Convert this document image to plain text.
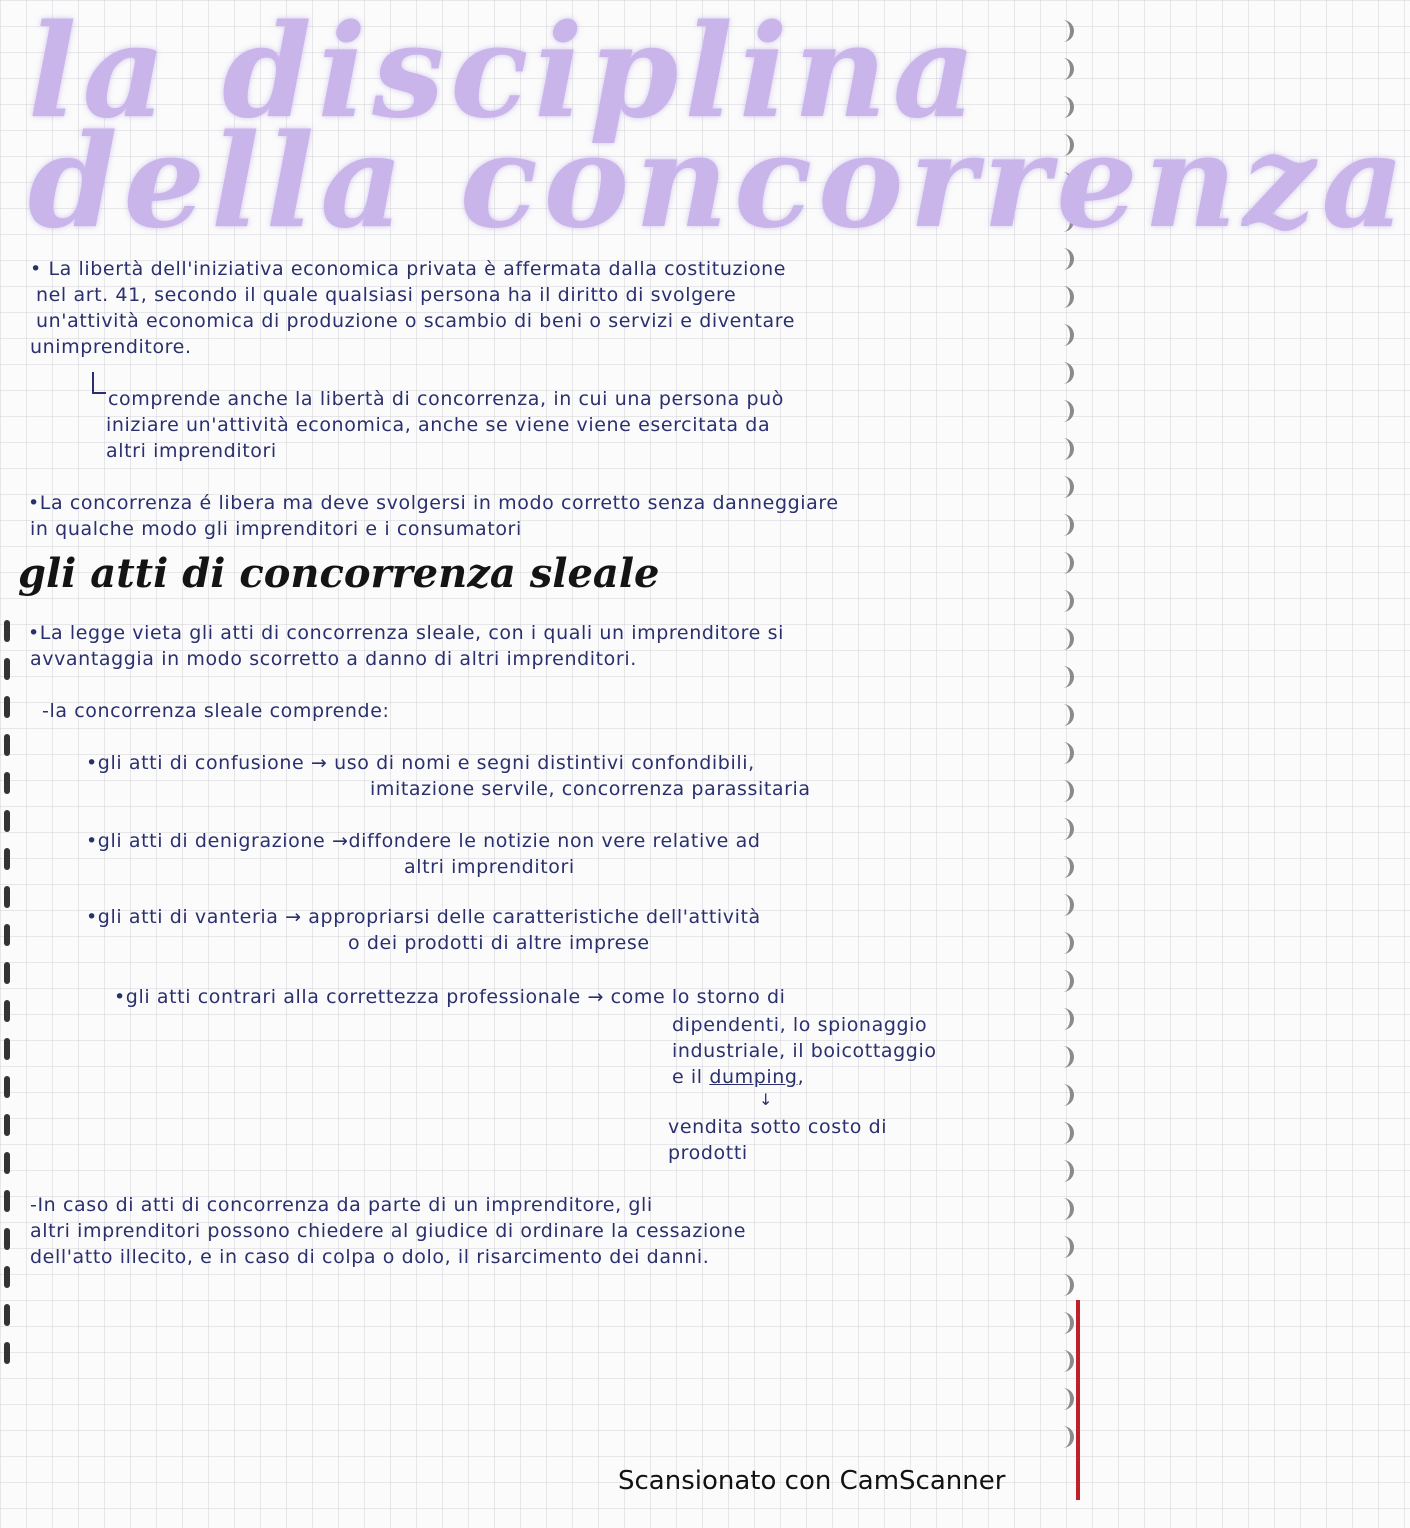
la disciplina
della concorrenza
• La libertà dell'iniziativa economica privata è affermata dalla costituzione
nel art. 41, secondo il quale qualsiasi persona ha il diritto di svolgere
un'attività economica di produzione o scambio di beni o servizi e diventare
unimprenditore.
comprende anche la libertà di concorrenza, in cui una persona può
iniziare un'attività economica, anche se viene viene esercitata da
altri imprenditori
•La concorrenza é libera ma deve svolgersi in modo corretto senza danneggiare
in qualche modo gli imprenditori e i consumatori
gli atti di concorrenza sleale
•La legge vieta gli atti di concorrenza sleale, con i quali un imprenditore si
avvantaggia in modo scorretto a danno di altri imprenditori.
-la concorrenza sleale comprende:
•gli atti di confusione → uso di nomi e segni distintivi confondibili,
imitazione servile, concorrenza parassitaria
•gli atti di denigrazione →diffondere le notizie non vere relative ad
altri imprenditori
•gli atti di vanteria → appropriarsi delle caratteristiche dell'attività
o dei prodotti di altre imprese
•gli atti contrari alla correttezza professionale → come lo storno di
dipendenti, lo spionaggio
industriale, il boicottaggio
e il dumping,
↓
vendita sotto costo di
prodotti
-In caso di atti di concorrenza da parte di un imprenditore, gli
altri imprenditori possono chiedere al giudice di ordinare la cessazione
dell'atto illecito, e in caso di colpa o dolo, il risarcimento dei danni.
Scansionato con CamScanner
